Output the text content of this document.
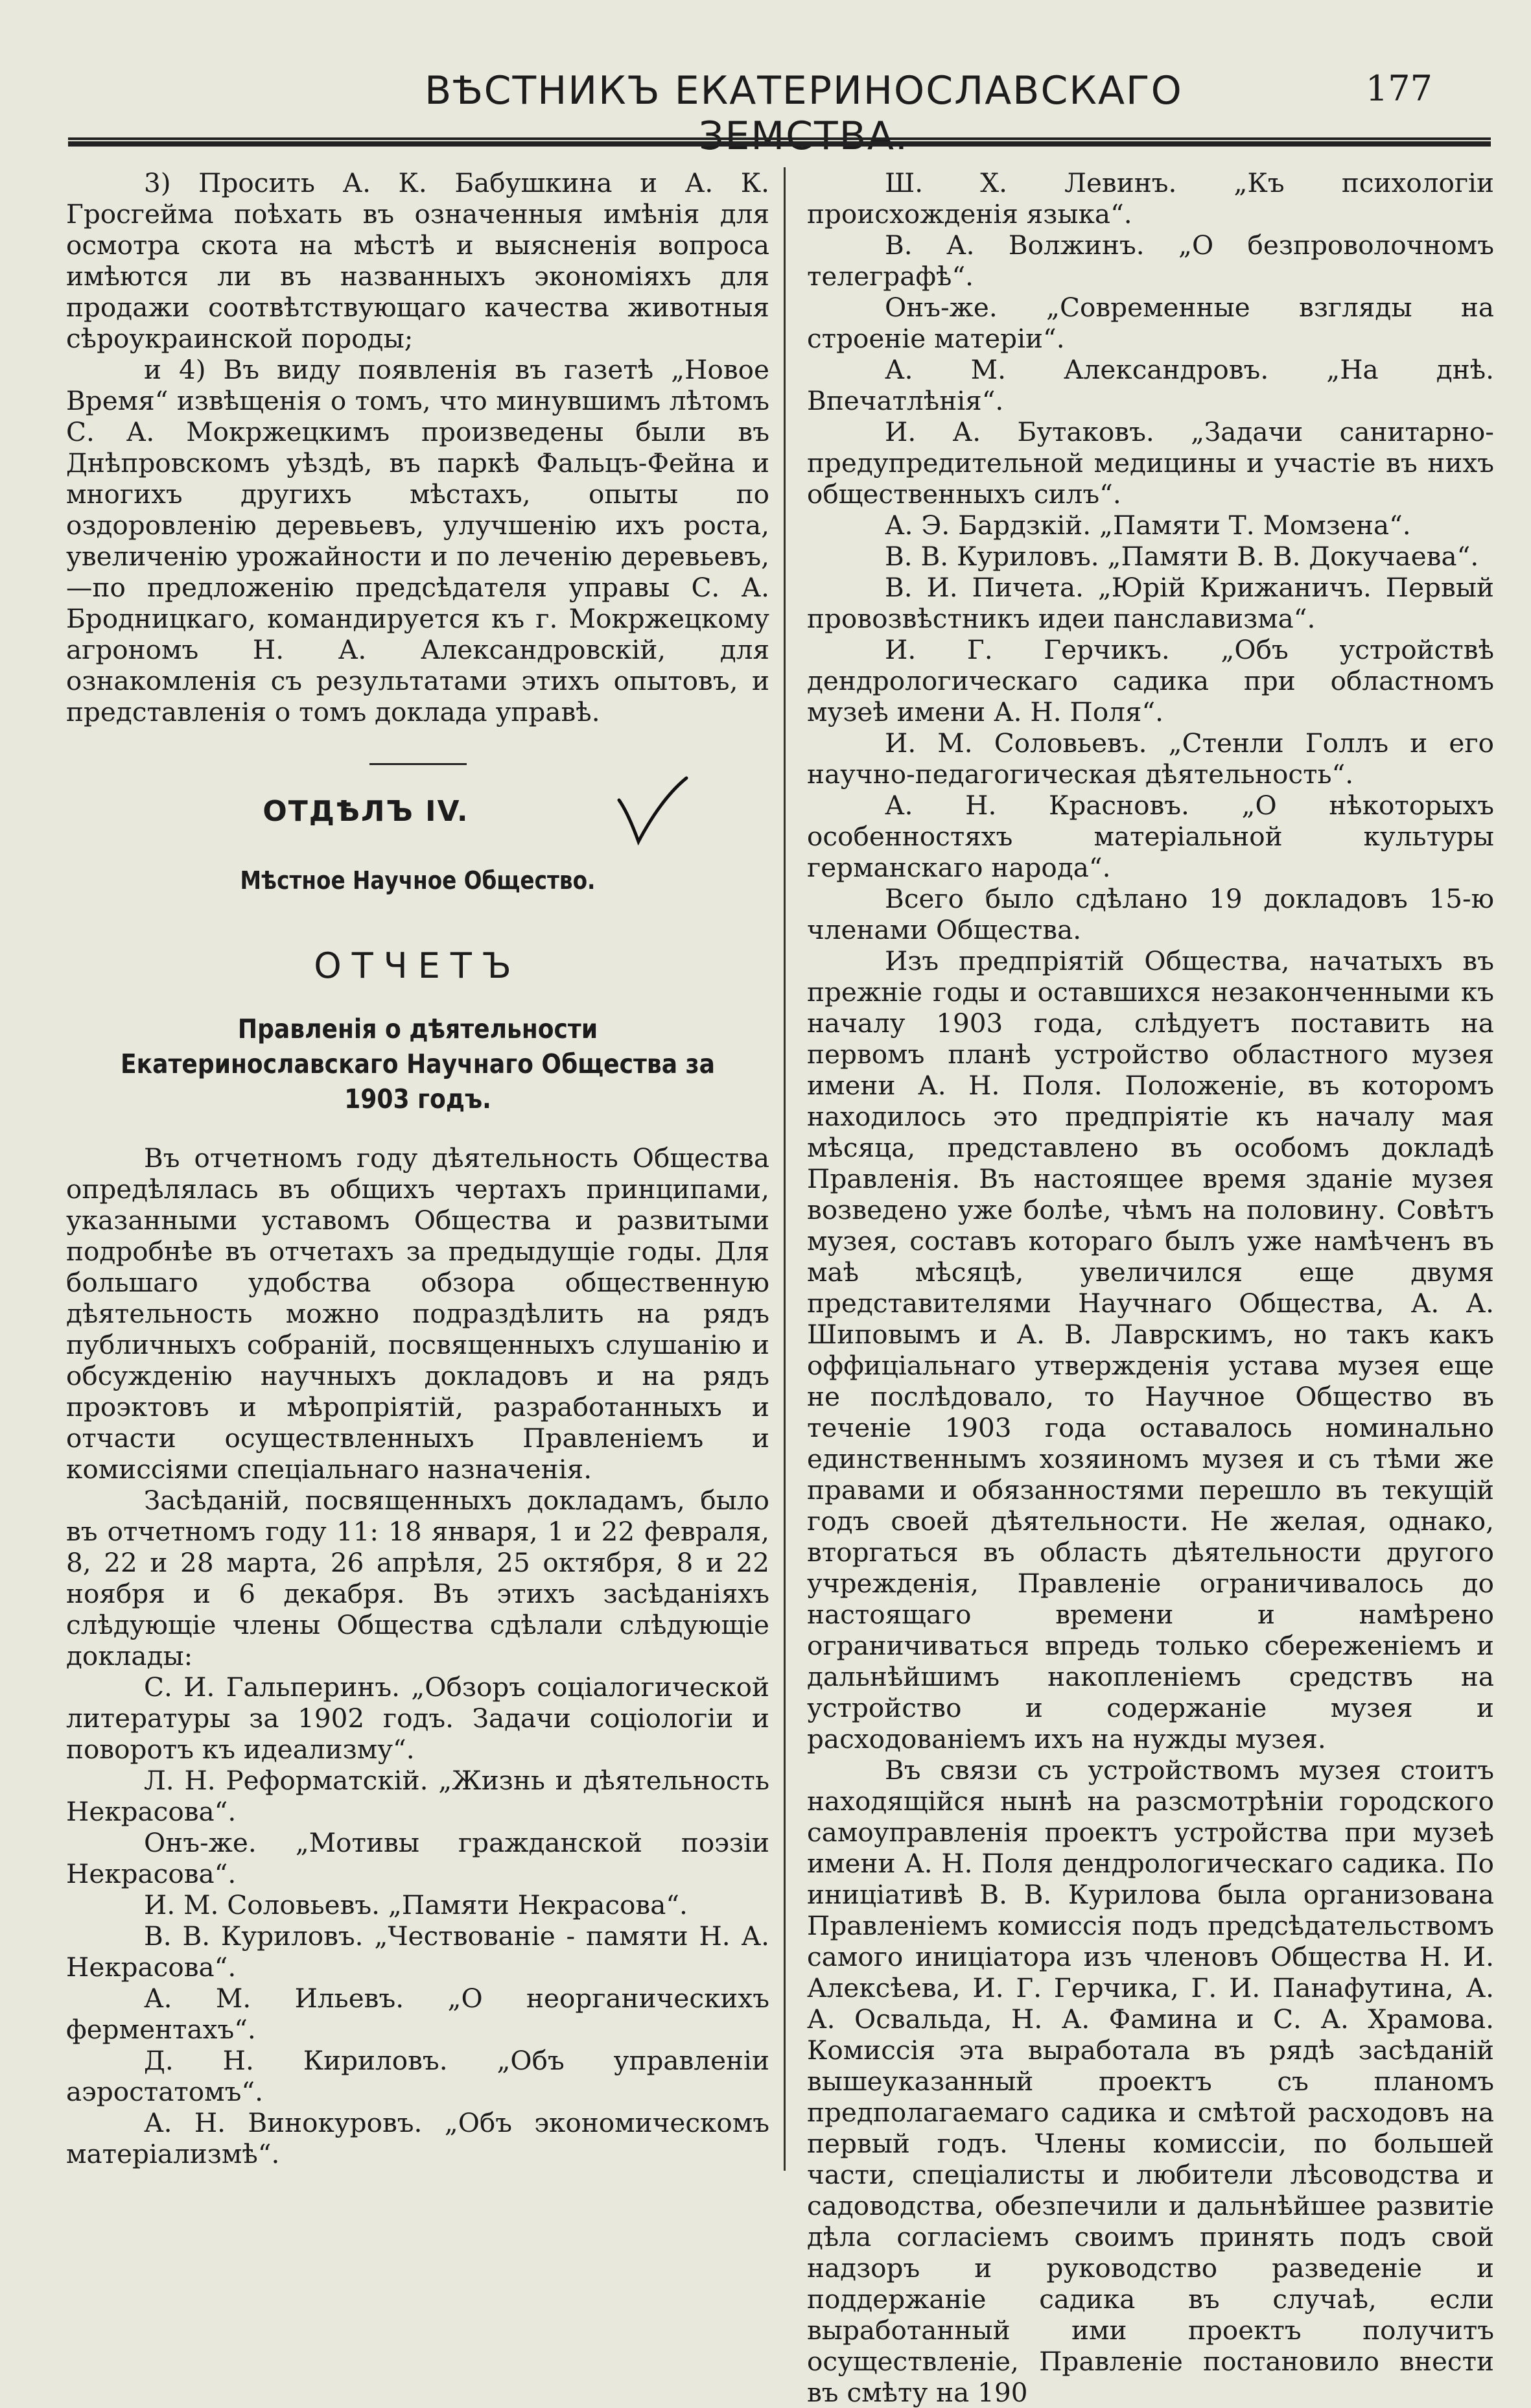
ВѢСТНИКЪ ЕКАТЕРИНОСЛАВСКАГО ЗЕМСТВА.
177

3) Просить А. К. Бабушкина и А. К. Гросгейма поѣхать въ означенныя имѣнія для осмотра скота на мѣстѣ и выясненія вопроса имѣются ли въ названныхъ экономіяхъ для продажи соотвѣтствующаго качества животныя сѣроукраинской породы;

и 4) Въ виду появленія въ газетѣ „Новое Время“ извѣщенія о томъ, что минувшимъ лѣтомъ С. А. Мокржецкимъ произведены были въ Днѣпровскомъ уѣздѣ, въ паркѣ Фальцъ-Фейна и многихъ другихъ мѣстахъ, опыты по оздоровленію деревьевъ, улучшенію ихъ роста, увеличенію урожайности и по леченію деревьевъ,—по предложенію предсѣдателя управы С. А. Бродницкаго, командируется къ г. Мокржецкому агрономъ Н. А. Александровскій, для ознакомленія съ результатами этихъ опытовъ, и представленія о томъ доклада управѣ.

ОТДѢЛЪ IV.
Мѣстное Научное Общество.
ОТЧЕТЪ
Правленія о дѣятельности Екатеринославскаго Научнаго Общества за 1903 годъ.

Въ отчетномъ году дѣятельность Общества опредѣлялась въ общихъ чертахъ принципами, указанными уставомъ Общества и развитыми подробнѣе въ отчетахъ за предыдущіе годы. Для большаго удобства обзора общественную дѣятельность можно подраздѣлить на рядъ публичныхъ собраній, посвященныхъ слушанію и обсужденію научныхъ докладовъ и на рядъ проэктовъ и мѣропріятій, разработанныхъ и отчасти осуществленныхъ Правленіемъ и комиссіями спеціальнаго назначенія.

Засѣданій, посвященныхъ докладамъ, было въ отчетномъ году 11: 18 января, 1 и 22 февраля, 8, 22 и 28 марта, 26 апрѣля, 25 октября, 8 и 22 ноября и 6 декабря. Въ этихъ засѣданіяхъ слѣдующіе члены Общества сдѣлали слѣдующіе доклады:

С. И. Гальперинъ. „Обзоръ соціалогической литературы за 1902 годъ. Задачи соціологіи и поворотъ къ идеализму“.

Л. Н. Реформатскій. „Жизнь и дѣятельность Некрасова“.

Онъ-же. „Мотивы гражданской поэзіи Некрасова“.

И. М. Соловьевъ. „Памяти Некрасова“.

В. В. Куриловъ. „Чествованіе - памяти Н. А. Некрасова“.

А. М. Ильевъ. „О неорганическихъ ферментахъ“.

Д. Н. Кириловъ. „Объ управленіи аэростатомъ“.

А. Н. Винокуровъ. „Объ экономическомъ матеріализмѣ“.

Ш. Х. Левинъ. „Къ психологіи происхожденія языка“.

В. А. Волжинъ. „О безпроволочномъ телеграфѣ“.

Онъ-же. „Современные взгляды на строеніе матеріи“.

А. М. Александровъ. „На днѣ. Впечатлѣнія“.

И. А. Бутаковъ. „Задачи санитарно-предупредительной медицины и участіе въ нихъ общественныхъ силъ“.

А. Э. Бардзкій. „Памяти Т. Момзена“.

В. В. Куриловъ. „Памяти В. В. Докучаева“.

В. И. Пичета. „Юрій Крижаничъ. Первый провозвѣстникъ идеи панславизма“.

И. Г. Герчикъ. „Объ устройствѣ дендрологическаго садика при областномъ музеѣ имени А. Н. Поля“.

И. М. Соловьевъ. „Стенли Голлъ и его научно-педагогическая дѣятельность“.

А. Н. Красновъ. „О нѣкоторыхъ особенностяхъ матеріальной культуры германскаго народа“.

Всего было сдѣлано 19 докладовъ 15-ю членами Общества.

Изъ предпріятій Общества, начатыхъ въ прежніе годы и оставшихся незаконченными къ началу 1903 года, слѣдуетъ поставить на первомъ планѣ устройство областного музея имени А. Н. Поля. Положеніе, въ которомъ находилось это предпріятіе къ началу мая мѣсяца, представлено въ особомъ докладѣ Правленія. Въ настоящее время зданіе музея возведено уже болѣе, чѣмъ на половину. Совѣтъ музея, составъ котораго былъ уже намѣченъ въ маѣ мѣсяцѣ, увеличился еще двумя представителями Научнаго Общества, А. А. Шиповымъ и А. В. Лаврскимъ, но такъ какъ оффиціальнаго утвержденія устава музея еще не послѣдовало, то Научное Общество въ теченіе 1903 года оставалось номинально единственнымъ хозяиномъ музея и съ тѣми же правами и обязанностями перешло въ текущій годъ своей дѣятельности. Не желая, однако, вторгаться въ область дѣятельности другого учрежденія, Правленіе ограничивалось до настоящаго времени и намѣрено ограничиваться впредь только сбереженіемъ и дальнѣйшимъ накопленіемъ средствъ на устройство и содержаніе музея и расходованіемъ ихъ на нужды музея.

Въ связи съ устройствомъ музея стоитъ находящійся нынѣ на разсмотрѣніи городского самоуправленія проектъ устройства при музеѣ имени А. Н. Поля дендрологическаго садика. По иниціативѣ В. В. Курилова была организована Правленіемъ комиссія подъ предсѣдательствомъ самого иниціатора изъ членовъ Общества Н. И. Алексѣева, И. Г. Герчика, Г. И. Панафутина, А. А. Освальда, Н. А. Фамина и С. А. Храмова. Комиссія эта выработала въ рядѣ засѣданій вышеуказанный проектъ съ планомъ предполагаемаго садика и смѣтой расходовъ на первый годъ. Члены комиссіи, по большей части, спеціалисты и любители лѣсоводства и садоводства, обезпечили и дальнѣйшее развитіе дѣла согласіемъ своимъ принять подъ свой надзоръ и руководство разведеніе и поддержаніе садика въ случаѣ, если выработанный ими проектъ получитъ осуществленіе, Правленіе постановило внести въ смѣту на 190
